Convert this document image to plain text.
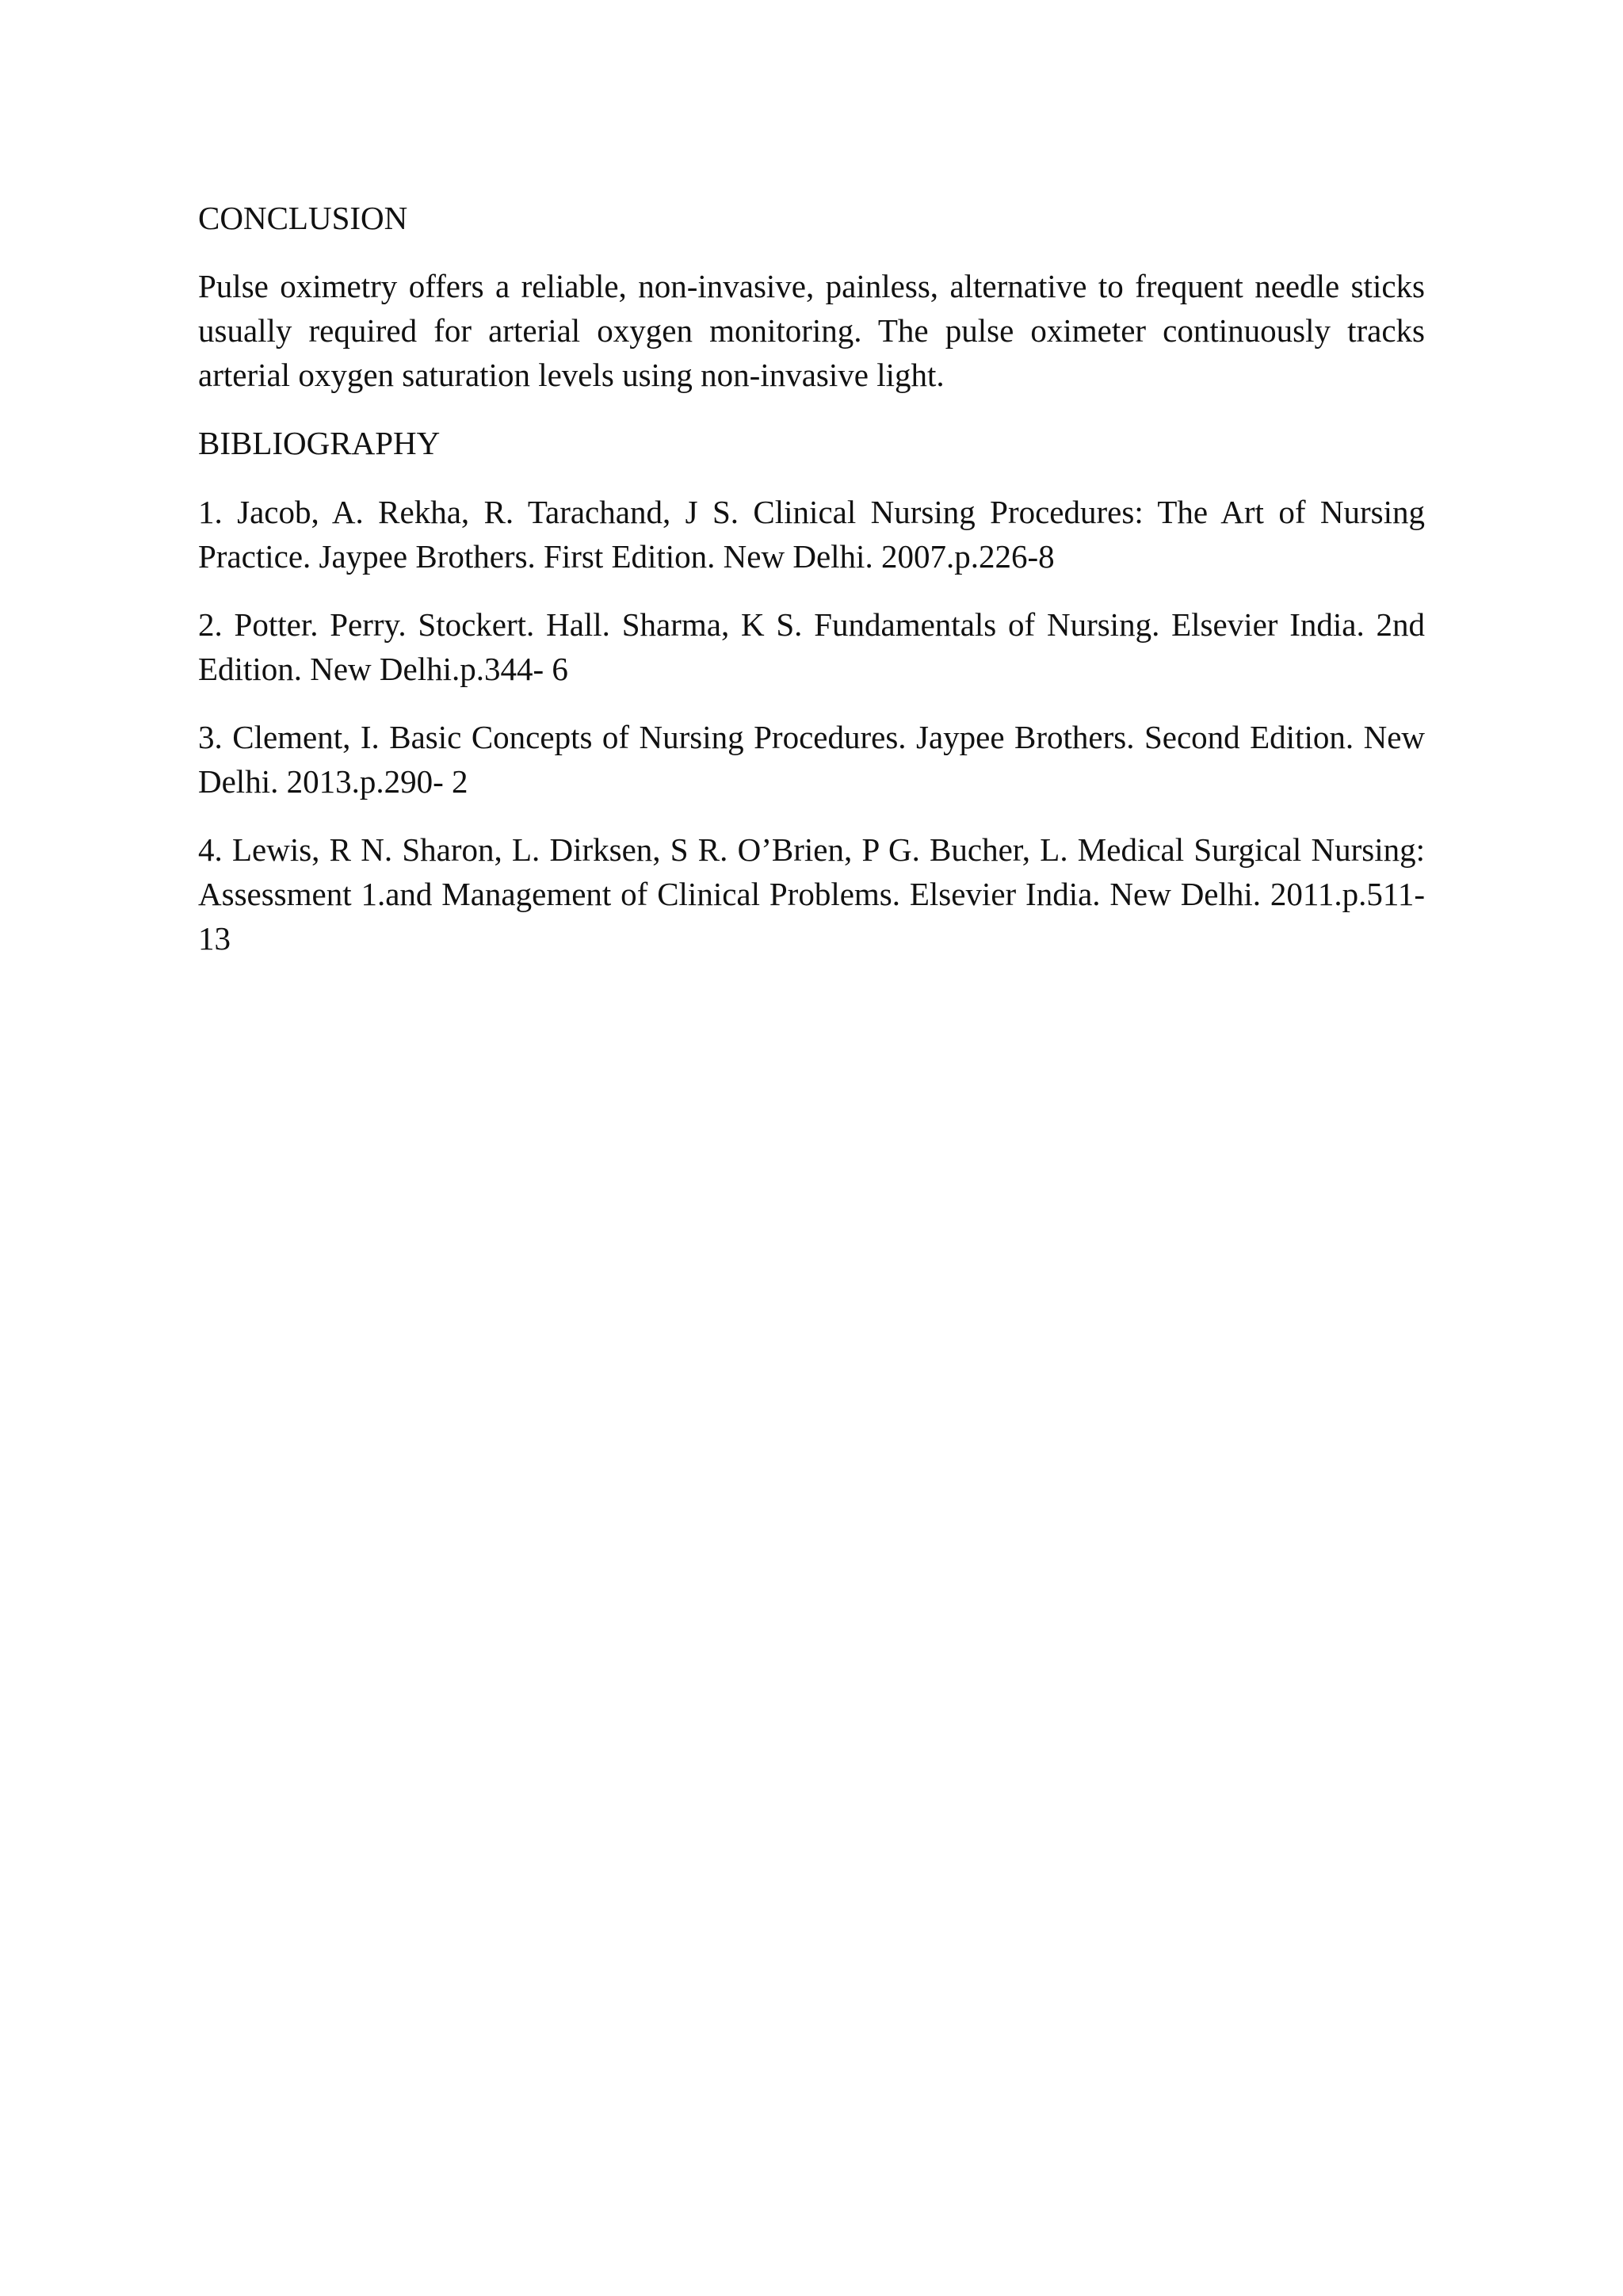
CONCLUSION

Pulse oximetry offers a reliable, non-invasive, painless, alternative to frequent needle sticks usually required for arterial oxygen monitoring. The pulse oximeter continuously tracks arterial oxygen saturation levels using non-invasive light.

BIBLIOGRAPHY

1. Jacob, A. Rekha, R. Tarachand, J S. Clinical Nursing Procedures: The Art of Nursing Practice. Jaypee Brothers. First Edition. New Delhi. 2007.p.226-8

2. Potter. Perry. Stockert. Hall. Sharma, K S. Fundamentals of Nursing. Elsevier India. 2nd Edition. New Delhi.p.344- 6

3. Clement, I. Basic Concepts of Nursing Procedures. Jaypee Brothers. Second Edition. New Delhi. 2013.p.290- 2

4. Lewis, R N. Sharon, L. Dirksen, S R. O’Brien, P G. Bucher, L. Medical Surgical Nursing: Assessment 1.and Management of Clinical Problems. Elsevier India. New Delhi. 2011.p.511-13
